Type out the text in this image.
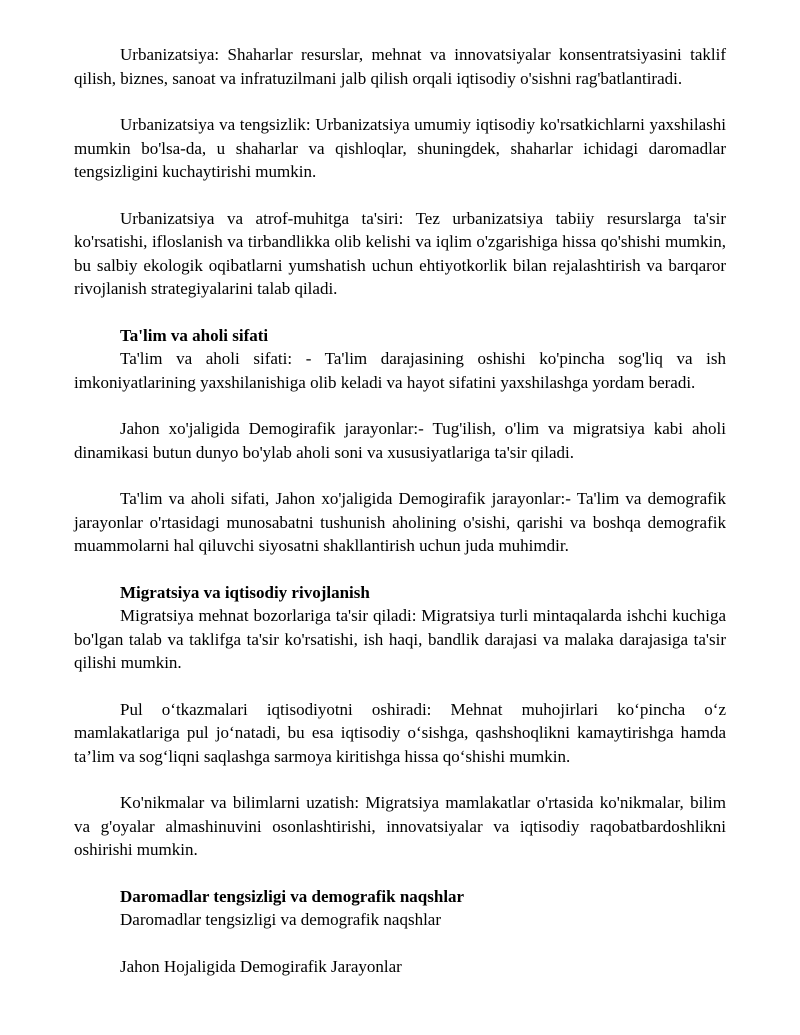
Urbanizatsiya: Shaharlar resurslar, mehnat va innovatsiyalar konsentratsiyasini taklif qilish, biznes, sanoat va infratuzilmani jalb qilish orqali iqtisodiy o'sishni rag'batlantiradi.

Urbanizatsiya va tengsizlik: Urbanizatsiya umumiy iqtisodiy ko'rsatkichlarni yaxshilashi mumkin bo'lsa-da, u shaharlar va qishloqlar, shuningdek, shaharlar ichidagi daromadlar tengsizligini kuchaytirishi mumkin.

Urbanizatsiya va atrof-muhitga ta'siri: Tez urbanizatsiya tabiiy resurslarga ta'sir ko'rsatishi, ifloslanish va tirbandlikka olib kelishi va iqlim o'zgarishiga hissa qo'shishi mumkin, bu salbiy ekologik oqibatlarni yumshatish uchun ehtiyotkorlik bilan rejalashtirish va barqaror rivojlanish strategiyalarini talab qiladi.

Ta'lim va aholi sifati

Ta'lim va aholi sifati: - Ta'lim darajasining oshishi ko'pincha sog'liq va ish imkoniyatlarining yaxshilanishiga olib keladi va hayot sifatini yaxshilashga yordam beradi.

Jahon xo'jaligida Demogirafik jarayonlar:- Tug'ilish, o'lim va migratsiya kabi aholi dinamikasi butun dunyo bo'ylab aholi soni va xususiyatlariga ta'sir qiladi.

Ta'lim va aholi sifati, Jahon xo'jaligida Demogirafik jarayonlar:- Ta'lim va demografik jarayonlar o'rtasidagi munosabatni tushunish aholining o'sishi, qarishi va boshqa demografik muammolarni hal qiluvchi siyosatni shakllantirish uchun juda muhimdir.

Migratsiya va iqtisodiy rivojlanish

Migratsiya mehnat bozorlariga ta'sir qiladi: Migratsiya turli mintaqalarda ishchi kuchiga bo'lgan talab va taklifga ta'sir ko'rsatishi, ish haqi, bandlik darajasi va malaka darajasiga ta'sir qilishi mumkin.

Pul o‘tkazmalari iqtisodiyotni oshiradi: Mehnat muhojirlari ko‘pincha o‘z mamlakatlariga pul jo‘natadi, bu esa iqtisodiy o‘sishga, qashshoqlikni kamaytirishga hamda ta’lim va sog‘liqni saqlashga sarmoya kiritishga hissa qo‘shishi mumkin.

Ko'nikmalar va bilimlarni uzatish: Migratsiya mamlakatlar o'rtasida ko'nikmalar, bilim va g'oyalar almashinuvini osonlashtirishi, innovatsiyalar va iqtisodiy raqobatbardoshlikni oshirishi mumkin.

Daromadlar tengsizligi va demografik naqshlar

Daromadlar tengsizligi va demografik naqshlar

Jahon Hojaligida Demogirafik Jarayonlar
